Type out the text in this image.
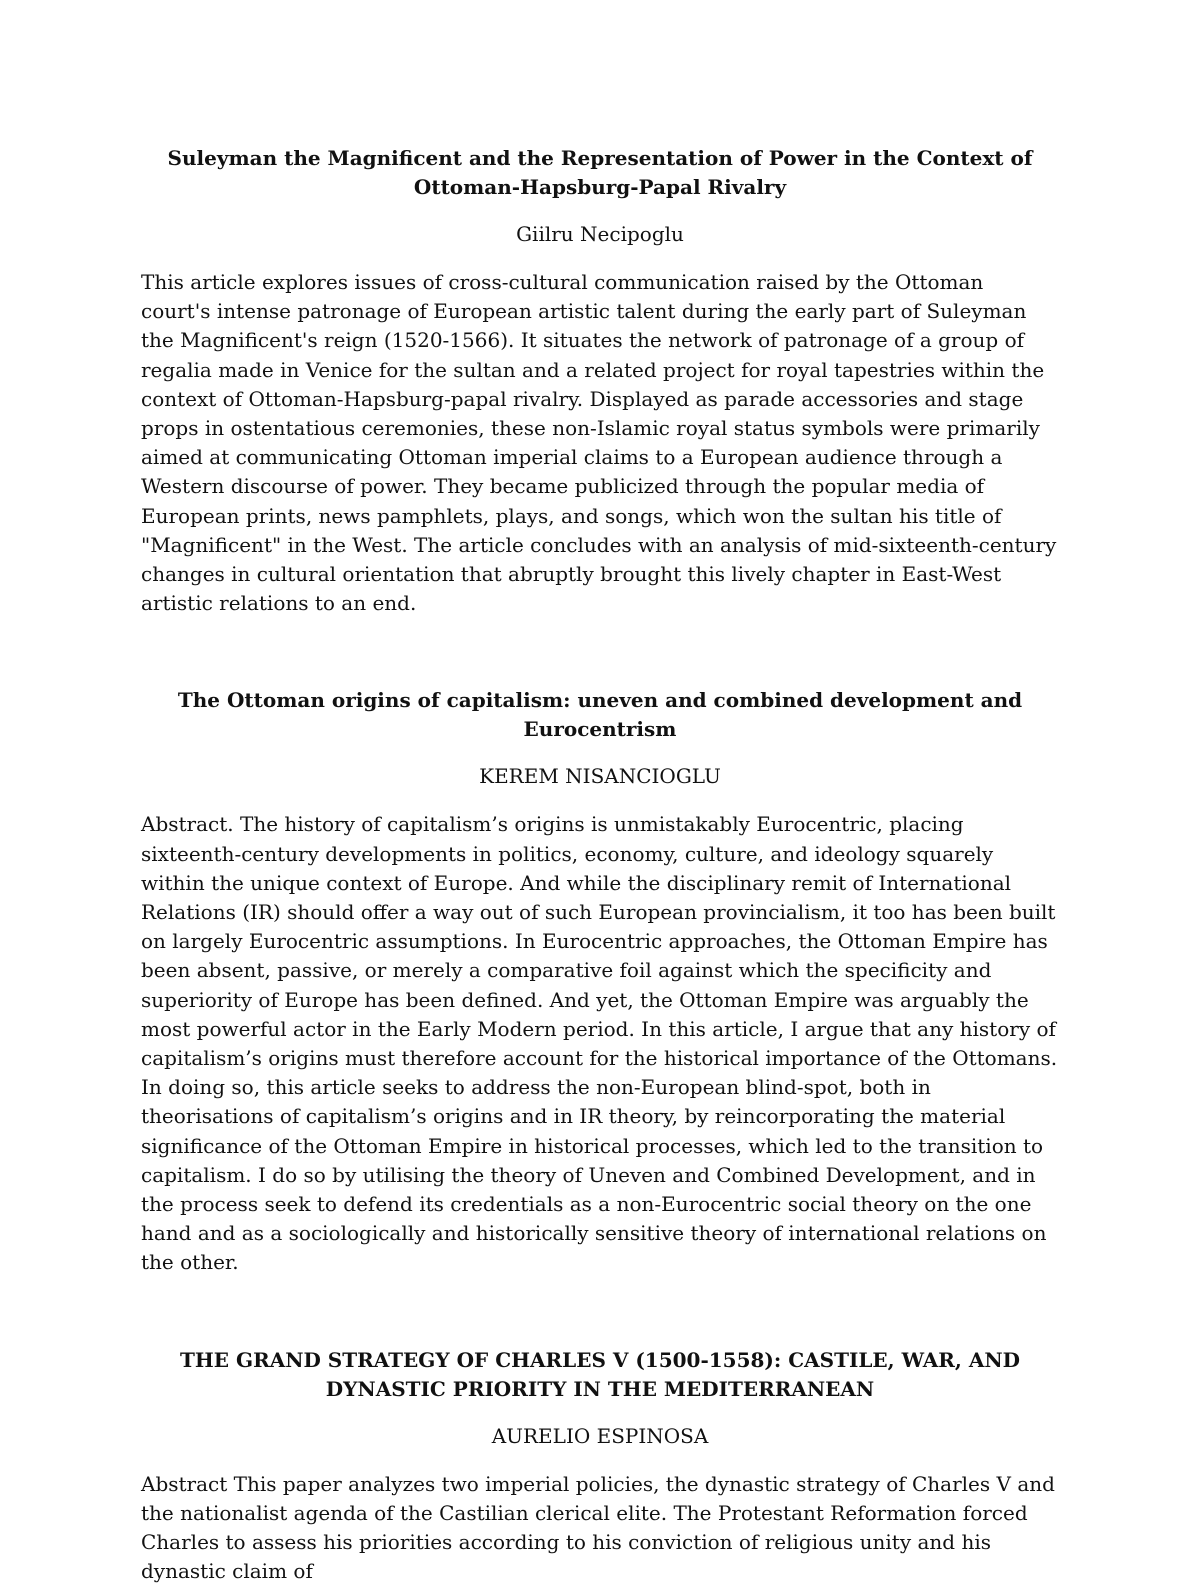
Suleyman the Magnificent and the Representation of Power in the Context of Ottoman-Hapsburg-Papal Rivalry

Giilru Necipoglu

This article explores issues of cross-cultural communication raised by the Ottoman court's intense patronage of European artistic talent during the early part of Suleyman the Magnificent's reign (1520-1566). It situates the network of patronage of a group of regalia made in Venice for the sultan and a related project for royal tapestries within the context of Ottoman-Hapsburg-papal rivalry. Displayed as parade accessories and stage props in ostentatious ceremonies, these non-Islamic royal status symbols were primarily aimed at communicating Ottoman imperial claims to a European audience through a Western discourse of power. They became publicized through the popular media of European prints, news pamphlets, plays, and songs, which won the sultan his title of "Magnificent" in the West. The article concludes with an analysis of mid-sixteenth-century changes in cultural orientation that abruptly brought this lively chapter in East-West artistic relations to an end.

The Ottoman origins of capitalism: uneven and combined development and Eurocentrism

KEREM NISANCIOGLU

Abstract. The history of capitalism’s origins is unmistakably Eurocentric, placing sixteenth-century developments in politics, economy, culture, and ideology squarely within the unique context of Europe. And while the disciplinary remit of International Relations (IR) should offer a way out of such European provincialism, it too has been built on largely Eurocentric assumptions. In Eurocentric approaches, the Ottoman Empire has been absent, passive, or merely a comparative foil against which the specificity and superiority of Europe has been defined. And yet, the Ottoman Empire was arguably the most powerful actor in the Early Modern period. In this article, I argue that any history of capitalism’s origins must therefore account for the historical importance of the Ottomans. In doing so, this article seeks to address the non-European blind-spot, both in theorisations of capitalism’s origins and in IR theory, by reincorporating the material significance of the Ottoman Empire in historical processes, which led to the transition to capitalism. I do so by utilising the theory of Uneven and Combined Development, and in the process seek to defend its credentials as a non-Eurocentric social theory on the one hand and as a sociologically and historically sensitive theory of international relations on the other.

THE GRAND STRATEGY OF CHARLES V (1500-1558): CASTILE, WAR, AND DYNASTIC PRIORITY IN THE MEDITERRANEAN

AURELIO ESPINOSA

Abstract This paper analyzes two imperial policies, the dynastic strategy of Charles V and the nationalist agenda of the Castilian clerical elite. The Protestant Reformation forced Charles to assess his priorities according to his conviction of religious unity and his dynastic claim of
